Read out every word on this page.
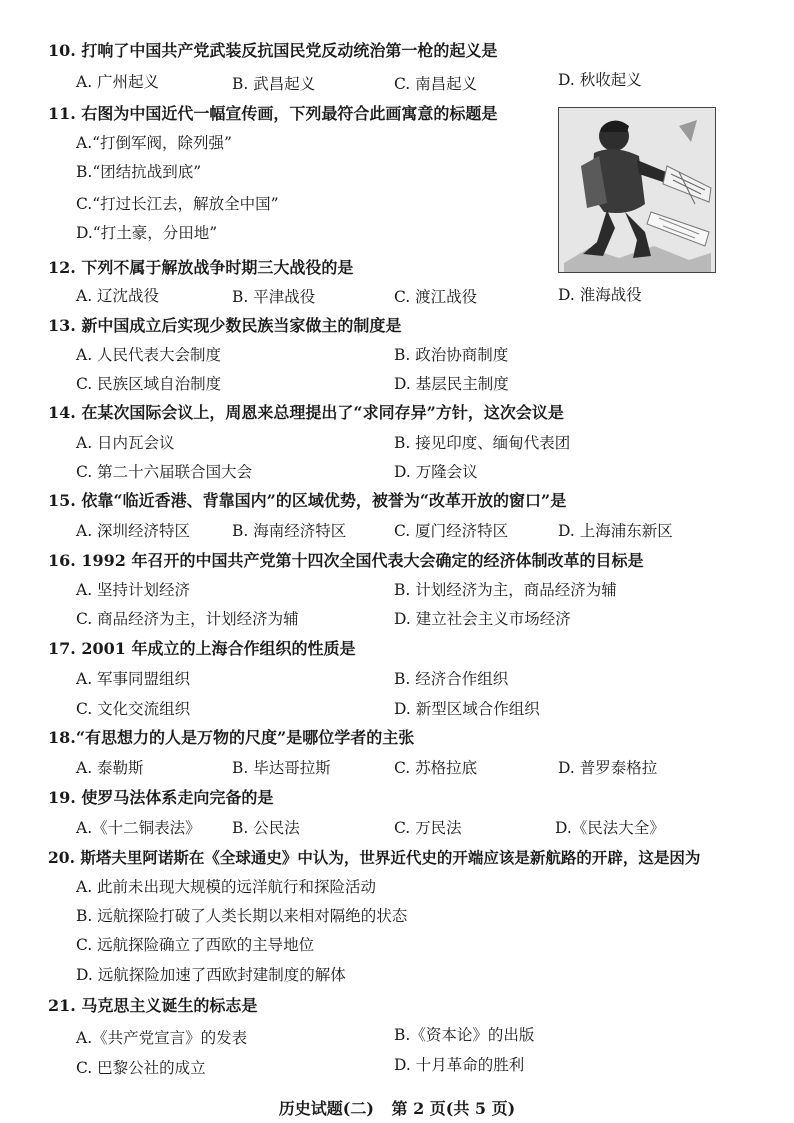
10. 打响了中国共产党武装反抗国民党反动统治第一枪的起义是
A. 广州起义	B. 武昌起义	C. 南昌起义	D. 秋收起义
11. 右图为中国近代一幅宣传画，下列最符合此画寓意的标题是
A.“打倒军阀，除列强”
B.“团结抗战到底”
C.“打过长江去，解放全中国”
D.“打土豪，分田地”
12. 下列不属于解放战争时期三大战役的是
A. 辽沈战役	B. 平津战役	C. 渡江战役	D. 淮海战役
13. 新中国成立后实现少数民族当家做主的制度是
A. 人民代表大会制度	B. 政治协商制度
C. 民族区域自治制度	D. 基层民主制度
14. 在某次国际会议上，周恩来总理提出了“求同存异”方针，这次会议是
A. 日内瓦会议	B. 接见印度、缅甸代表团
C. 第二十六届联合国大会	D. 万隆会议
15. 依靠“临近香港、背靠国内”的区域优势，被誉为“改革开放的窗口”是
A. 深圳经济特区	B. 海南经济特区	C. 厦门经济特区	D. 上海浦东新区
16. 1992 年召开的中国共产党第十四次全国代表大会确定的经济体制改革的目标是
A. 坚持计划经济	B. 计划经济为主，商品经济为辅
C. 商品经济为主，计划经济为辅	D. 建立社会主义市场经济
17. 2001 年成立的上海合作组织的性质是
A. 军事同盟组织	B. 经济合作组织
C. 文化交流组织	D. 新型区域合作组织
18.“有思想力的人是万物的尺度”是哪位学者的主张
A. 泰勒斯	B. 毕达哥拉斯	C. 苏格拉底	D. 普罗泰格拉
19. 使罗马法体系走向完备的是
A.《十二铜表法》 B. 公民法	C. 万民法	D.《民法大全》
20. 斯塔夫里阿诺斯在《全球通史》中认为，世界近代史的开端应该是新航路的开辟，这是因为
A. 此前未出现大规模的远洋航行和探险活动
B. 远航探险打破了人类长期以来相对隔绝的状态
C. 远航探险确立了西欧的主导地位
D. 远航探险加速了西欧封建制度的解体
21. 马克思主义诞生的标志是
A.《共产党宣言》的发表	B.《资本论》的出版
C. 巴黎公社的成立	D. 十月革命的胜利
历史试题(二) 第 2 页(共 5 页)
